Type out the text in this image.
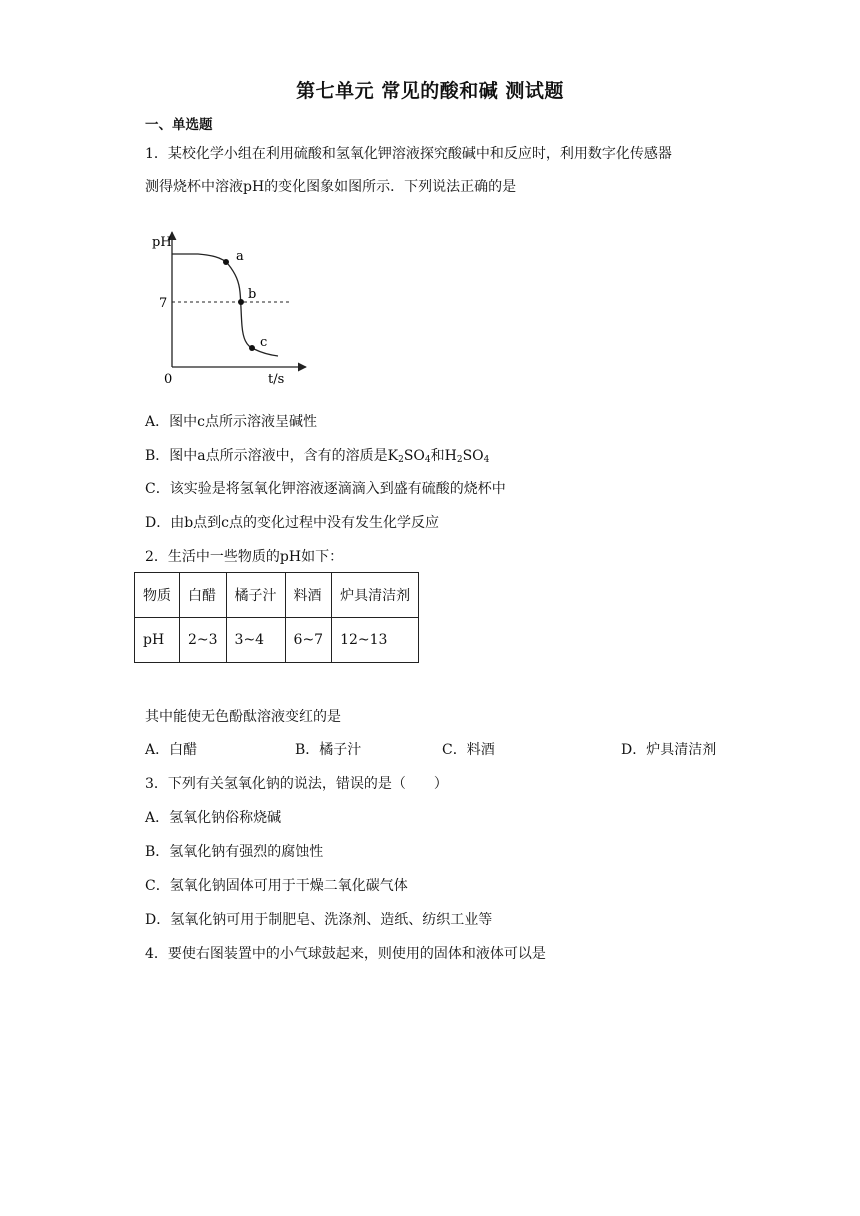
第七单元 常见的酸和碱 测试题
一、单选题
1．某校化学小组在利用硫酸和氢氧化钾溶液探究酸碱中和反应时，利用数字化传感器
测得烧杯中溶液pH的变化图象如图所示．下列说法正确的是
pH
7
0	t/s
a
b
c
A．图中c点所示溶液呈碱性
B．图中a点所示溶液中，含有的溶质是$K_2SO_4$和$H_2SO_4$
C．该实验是将氢氧化钾溶液逐滴滴入到盛有硫酸的烧杯中
D．由b点到c点的变化过程中没有发生化学反应
2．生活中一些物质的pH如下：
物质	白醋	橘子汁	料酒	炉具清洁剂
pH	2~3	3~4	6~7	12~13
其中能使无色酚酞溶液变红的是
A．白醋	B．橘子汁	C．料酒	D．炉具清洁剂
3．下列有关氢氧化钠的说法，错误的是（　　）
A．氢氧化钠俗称烧碱
B．氢氧化钠有强烈的腐蚀性
C．氢氧化钠固体可用于干燥二氧化碳气体
D．氢氧化钠可用于制肥皂、洗涤剂、造纸、纺织工业等
4．要使右图装置中的小气球鼓起来，则使用的固体和液体可以是
